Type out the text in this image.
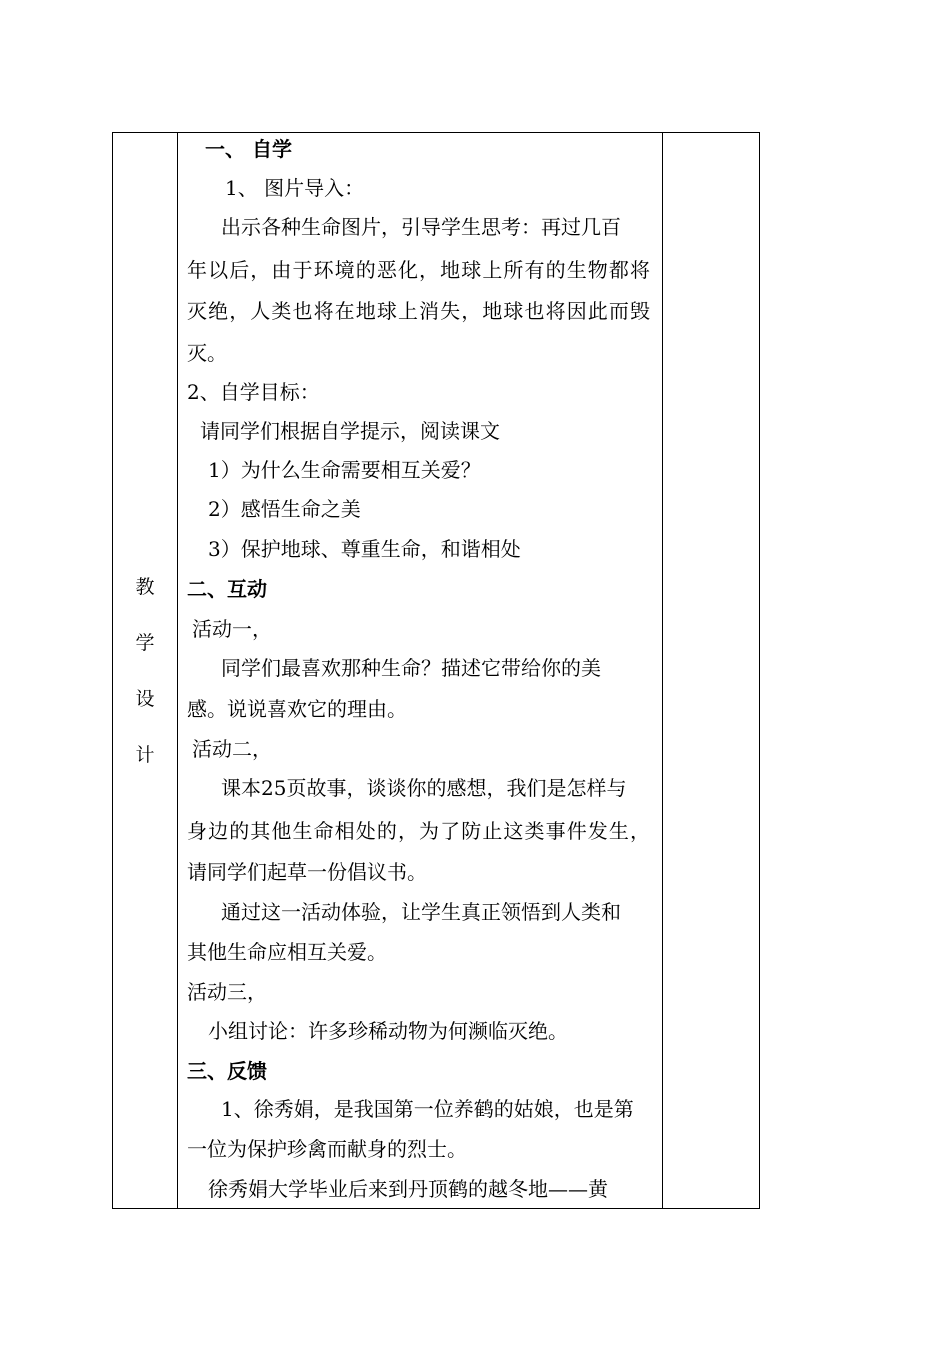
教
学
设
计

一、 自学
1、 图片导入：
出示各种生命图片，引导学生思考：再过几百
年 以 后 ， 由 于 环 境 的 恶 化 ， 地 球 上 所 有 的 生 物 都 将
灭 绝 ， 人 类 也 将 在 地 球 上 消 失 ， 地 球 也 将 因 此 而 毁
灭。
2、自学目标：
请同学们根据自学提示，阅读课文
1）为什么生命需要相互关爱？
2）感悟生命之美
3）保护地球、尊重生命，和谐相处
二、互动
活动一，
同学们最喜欢那种生命？描述它带给你的美
感。说说喜欢它的理由。
活动二，
课本25页故事，谈谈你的感想，我们是怎样与
身 边 的 其 他 生 命 相 处 的 ， 为 了 防 止 这 类 事 件 发 生 ，
请同学们起草一份倡议书。
通过这一活动体验，让学生真正领悟到人类和
其他生命应相互关爱。
活动三，
小组讨论：许多珍稀动物为何濒临灭绝。
三、反馈
1、徐秀娟，是我国第一位养鹤的姑娘，也是第
一位为保护珍禽而献身的烈士。
徐秀娟大学毕业后来到丹顶鹤的越冬地——黄
